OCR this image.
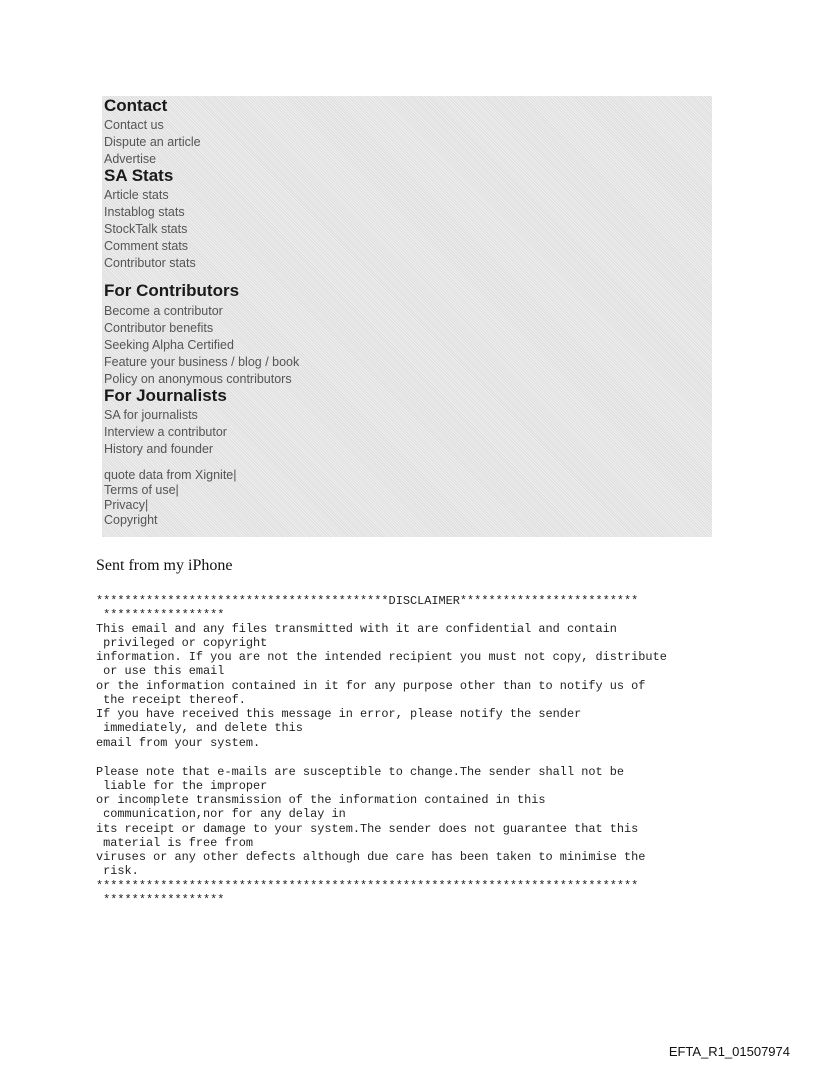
Contact
Contact us
Dispute an article
Advertise
SA Stats
Article stats
Instablog stats
StockTalk stats
Comment stats
Contributor stats
For Contributors
Become a contributor
Contributor benefits
Seeking Alpha Certified
Feature your business / blog / book
Policy on anonymous contributors
For Journalists
SA for journalists
Interview a contributor
History and founder
quote data from Xignite|
Terms of use|
Privacy|
Copyright
Sent from my iPhone
*****************************************DISCLAIMER*************************
*****************
This email and any files transmitted with it are confidential and contain
privileged or copyright
information. If you are not the intended recipient you must not copy, distribute
or use this email
or the information contained in it for any purpose other than to notify us of
the receipt thereof.
If you have received this message in error, please notify the sender
immediately, and delete this
email from your system.
Please note that e-mails are susceptible to change.The sender shall not be
liable for the improper
or incomplete transmission of the information contained in this
communication,nor for any delay in
its receipt or damage to your system.The sender does not guarantee that this
material is free from
viruses or any other defects although due care has been taken to minimise the
risk.
****************************************************************************
*****************
EFTA_R1_01507974
